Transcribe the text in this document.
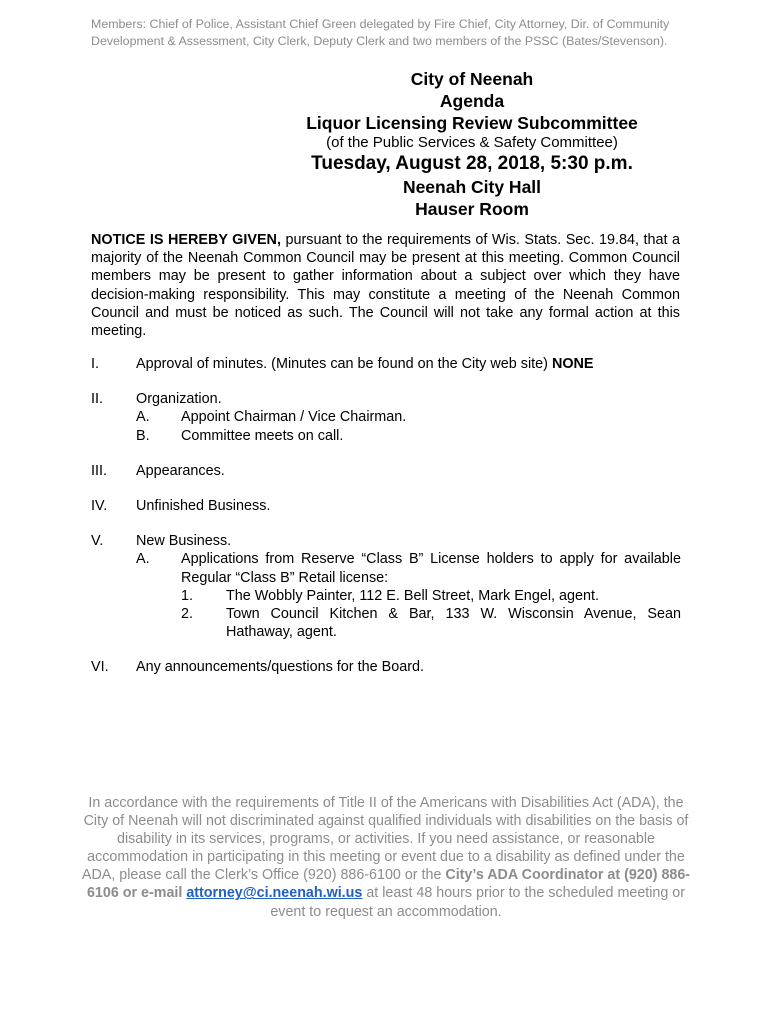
Members: Chief of Police, Assistant Chief Green delegated by Fire Chief, City Attorney, Dir. of Community Development & Assessment, City Clerk, Deputy Clerk and two members of the PSSC (Bates/Stevenson).
City of Neenah
Agenda
Liquor Licensing Review Subcommittee
(of the Public Services & Safety Committee)
Tuesday, August 28, 2018, 5:30 p.m.
Neenah City Hall
Hauser Room
NOTICE IS HEREBY GIVEN, pursuant to the requirements of Wis. Stats. Sec. 19.84, that a majority of the Neenah Common Council may be present at this meeting. Common Council members may be present to gather information about a subject over which they have decision-making responsibility. This may constitute a meeting of the Neenah Common Council and must be noticed as such. The Council will not take any formal action at this meeting.
I.	Approval of minutes. (Minutes can be found on the City web site) NONE
II. Organization.
A. Appoint Chairman / Vice Chairman.
B. Committee meets on call.
III. Appearances.
IV. Unfinished Business.
V. New Business.
A. Applications from Reserve “Class B” License holders to apply for available Regular “Class B” Retail license:
1. The Wobbly Painter, 112 E. Bell Street, Mark Engel, agent.
2. Town Council Kitchen & Bar, 133 W. Wisconsin Avenue, Sean Hathaway, agent.
VI. Any announcements/questions for the Board.
In accordance with the requirements of Title II of the Americans with Disabilities Act (ADA), the City of Neenah will not discriminated against qualified individuals with disabilities on the basis of disability in its services, programs, or activities. If you need assistance, or reasonable accommodation in participating in this meeting or event due to a disability as defined under the ADA, please call the Clerk’s Office (920) 886-6100 or the City’s ADA Coordinator at (920) 886-6106 or e-mail attorney@ci.neenah.wi.us at least 48 hours prior to the scheduled meeting or event to request an accommodation.
